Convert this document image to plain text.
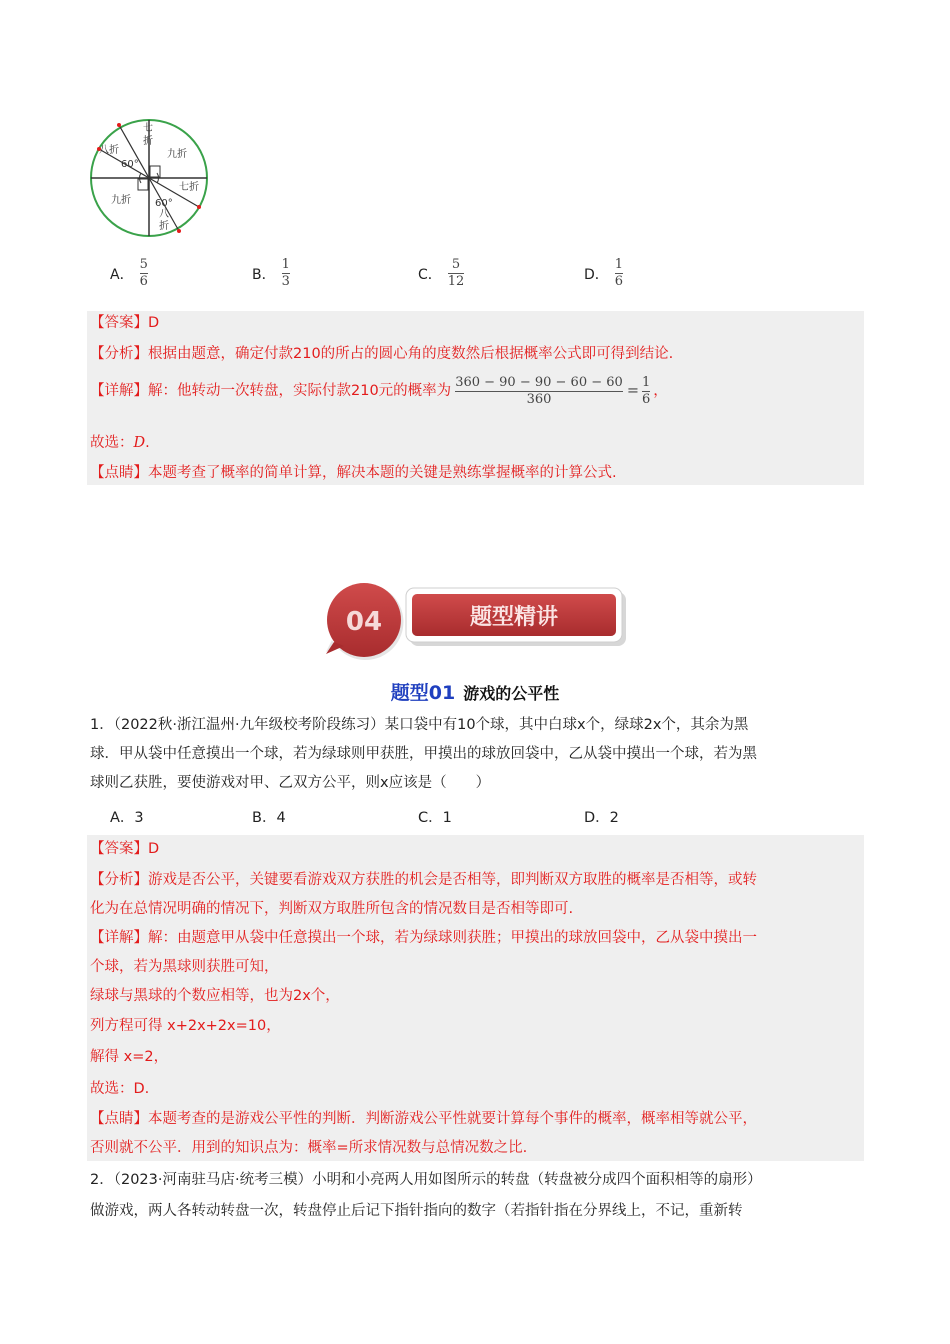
七
折
九折
七折
八折
九折
八
折
60°
60°
A． $\frac{5}{6}$	B． $\frac{1}{3}$	C． $\frac{5}{12}$	D． $\frac{1}{6}$
【答案】D
【分析】根据由题意，确定付款210的所占的圆心角的度数然后根据概率公式即可得到结论.
【详解】 解：他转动一次转盘，实际付款210元的概率为 $\frac{360 - 90 - 90 - 60 - 60}{360} = \frac{1}{6}$ ，
故选：D.
【点睛】本题考查了概率的简单计算，解决本题的关键是熟练掌握概率的计算公式.
04	题型精讲
题型01 游戏的公平性
1．（2022秋·浙江温州·九年级校考阶段练习）某口袋中有10个球，其中白球x个，绿球2x个，其余为黑
球．甲从袋中任意摸出一个球，若为绿球则甲获胜，甲摸出的球放回袋中，乙从袋中摸出一个球，若为黑
球则乙获胜，要使游戏对甲、乙双方公平，则x应该是（　　）
A．3	B．4	C．1	D．2
【答案】D
【分析】游戏是否公平，关键要看游戏双方获胜的机会是否相等，即判断双方取胜的概率是否相等，或转
化为在总情况明确的情况下，判断双方取胜所包含的情况数目是否相等即可.
【详解】解：由题意甲从袋中任意摸出一个球，若为绿球则获胜；甲摸出的球放回袋中，乙从袋中摸出一
个球，若为黑球则获胜可知，
绿球与黑球的个数应相等，也为2x个，
列方程可得 x+2x+2x=10，
解得 x=2，
故选：D.
【点睛】本题考查的是游戏公平性的判断．判断游戏公平性就要计算每个事件的概率，概率相等就公平，
否则就不公平．用到的知识点为：概率=所求情况数与总情况数之比.
2．（2023·河南驻马店·统考三模）小明和小亮两人用如图所示的转盘（转盘被分成四个面积相等的扇形）
做游戏，两人各转动转盘一次，转盘停止后记下指针指向的数字（若指针指在分界线上，不记，重新转
